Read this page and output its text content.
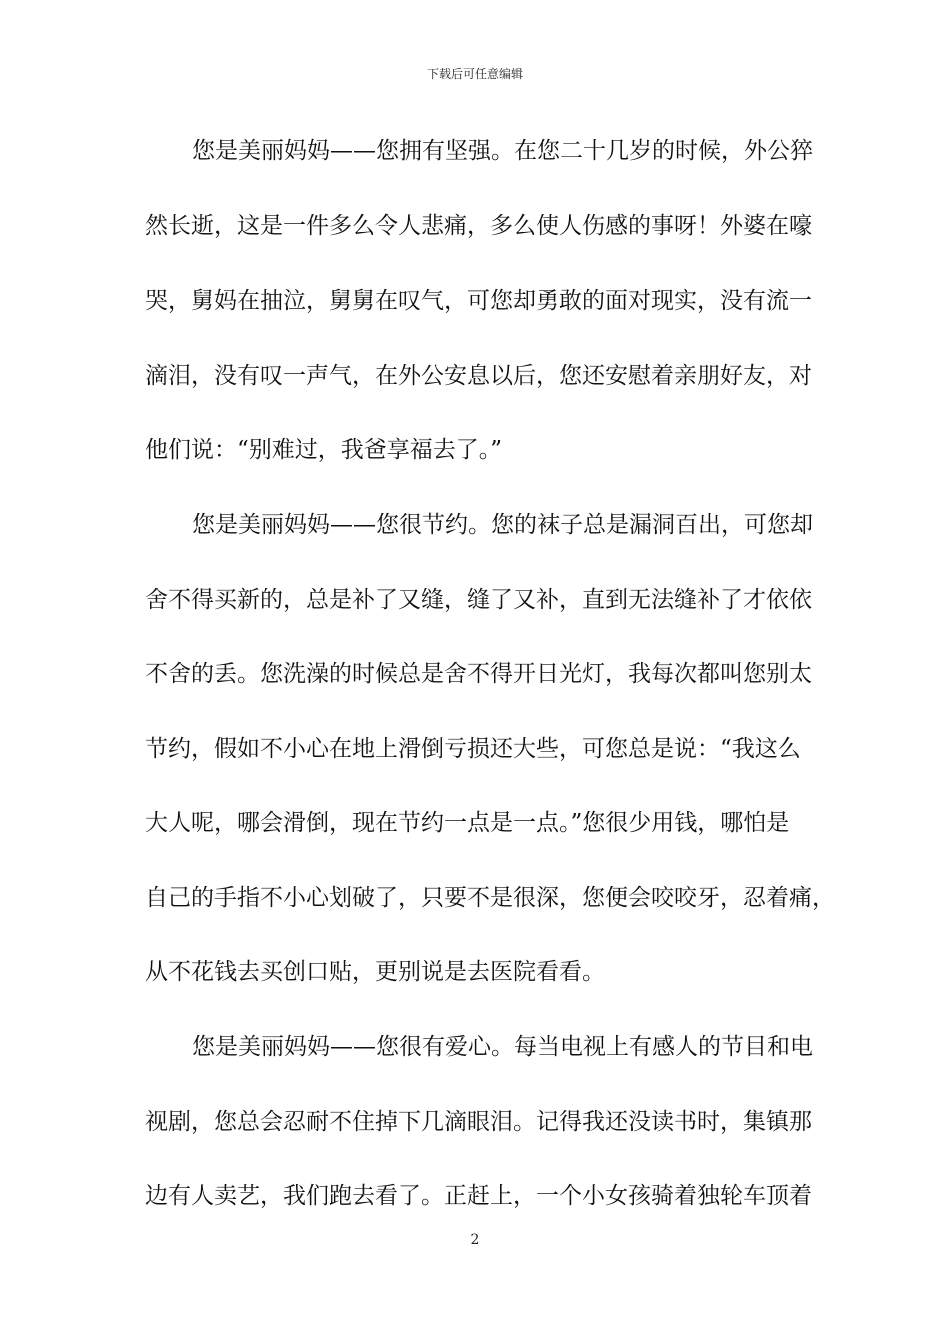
下载后可任意编辑
您是美丽妈妈——您拥有坚强。在您二十几岁的时候，外公猝
然长逝，这是一件多么令人悲痛，多么使人伤感的事呀！外婆在嚎
哭，舅妈在抽泣，舅舅在叹气，可您却勇敢的面对现实，没有流一
滴泪，没有叹一声气，在外公安息以后，您还安慰着亲朋好友，对
他们说：“别难过，我爸享福去了。”
您是美丽妈妈——您很节约。您的袜子总是漏洞百出，可您却
舍不得买新的，总是补了又缝，缝了又补，直到无法缝补了才依依
不舍的丢。您洗澡的时候总是舍不得开日光灯，我每次都叫您别太
节约，假如不小心在地上滑倒亏损还大些，可您总是说：“我这么
大人呢，哪会滑倒，现在节约一点是一点。”您很少用钱，哪怕是
自己的手指不小心划破了，只要不是很深，您便会咬咬牙，忍着痛，
从不花钱去买创口贴，更别说是去医院看看。
您是美丽妈妈——您很有爱心。每当电视上有感人的节目和电
视剧，您总会忍耐不住掉下几滴眼泪。记得我还没读书时，集镇那
边有人卖艺，我们跑去看了。正赶上，一个小女孩骑着独轮车顶着
2
